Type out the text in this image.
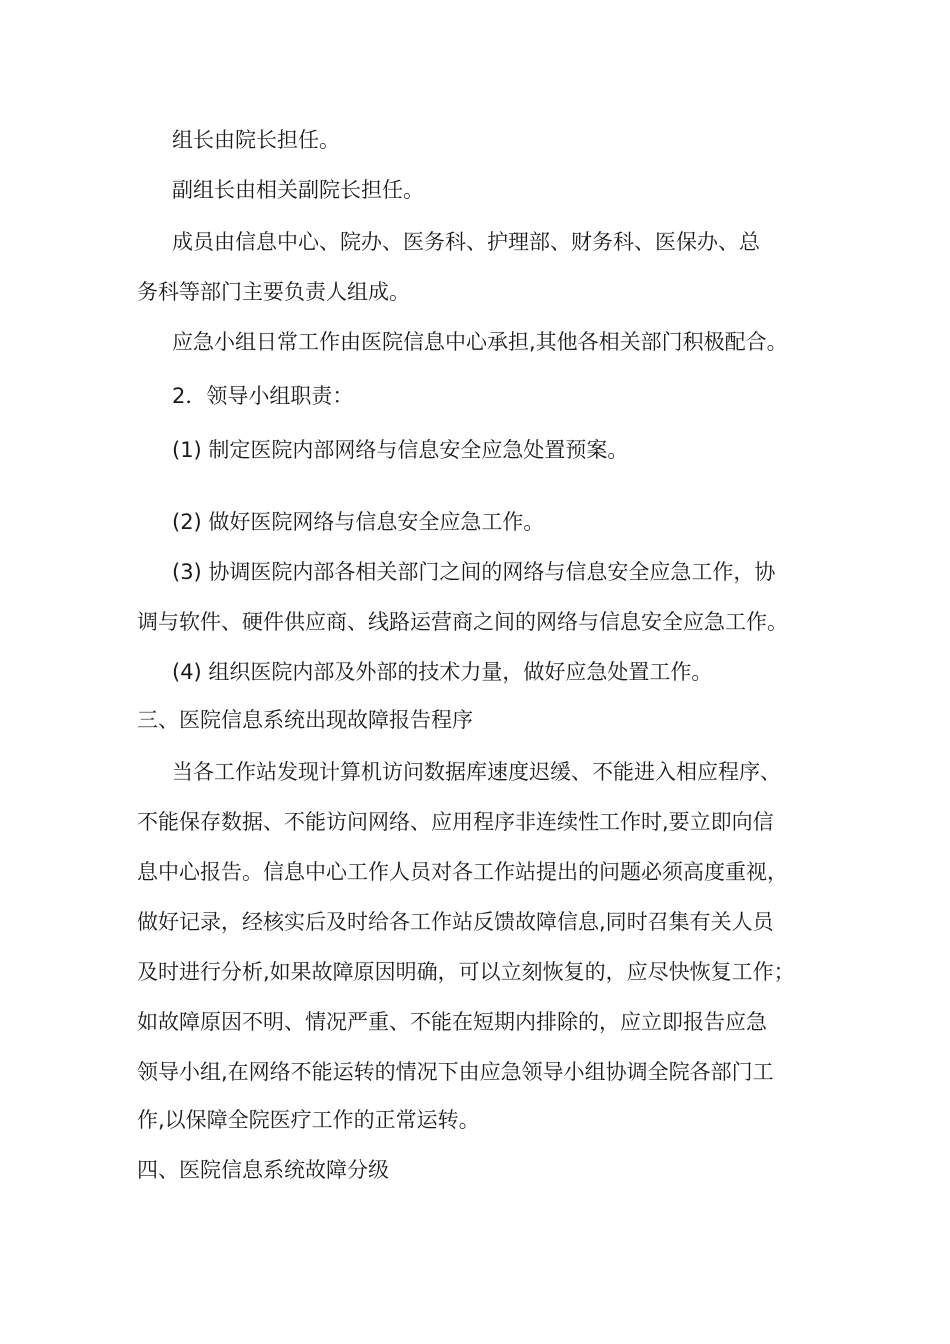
组长由院长担任。
副组长由相关副院长担任。
成员由信息中心、院办、医务科、护理部、财务科、医保办、总
务科等部门主要负责人组成。
应急小组日常工作由医院信息中心承担,其他各相关部门积极配合。
2．领导小组职责：
(1) 制定医院内部网络与信息安全应急处置预案。
(2) 做好医院网络与信息安全应急工作。
(3) 协调医院内部各相关部门之间的网络与信息安全应急工作，协
调与软件、硬件供应商、线路运营商之间的网络与信息安全应急工作。
(4) 组织医院内部及外部的技术力量，做好应急处置工作。
三、医院信息系统出现故障报告程序
当各工作站发现计算机访问数据库速度迟缓、不能进入相应程序、
不能保存数据、不能访问网络、应用程序非连续性工作时,要立即向信
息中心报告。信息中心工作人员对各工作站提出的问题必须高度重视，
做好记录，经核实后及时给各工作站反馈故障信息,同时召集有关人员
及时进行分析,如果故障原因明确，可以立刻恢复的，应尽快恢复工作；
如故障原因不明、情况严重、不能在短期内排除的，应立即报告应急
领导小组,在网络不能运转的情况下由应急领导小组协调全院各部门工
作,以保障全院医疗工作的正常运转。
四、医院信息系统故障分级
